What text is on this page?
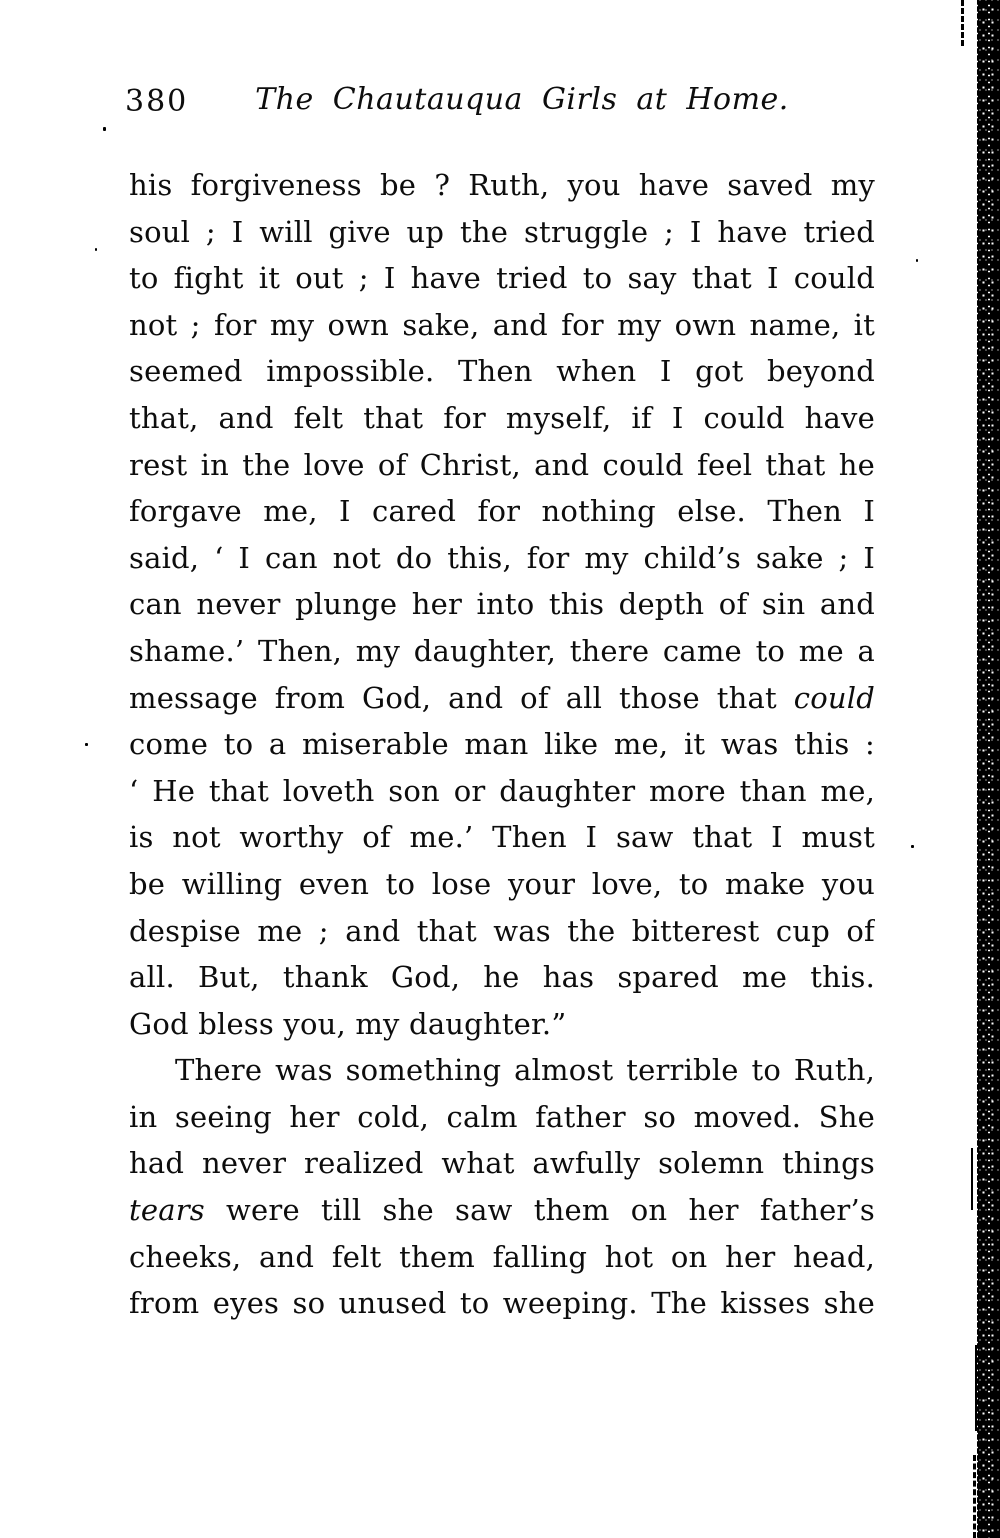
380	The Chautauqua Girls at Home.
his forgiveness be ? Ruth, you have saved my
soul ; I will give up the struggle ; I have tried
to fight it out ; I have tried to say that I could
not ; for my own sake, and for my own name, it
seemed impossible. Then when I got beyond
that, and felt that for myself, if I could have
rest in the love of Christ, and could feel that he
forgave me, I cared for nothing else. Then I
said, ‘ I can not do this, for my child’s sake ; I
can never plunge her into this depth of sin and
shame.’ Then, my daughter, there came to me a
message from God, and of all those that could
come to a miserable man like me, it was this :
‘ He that loveth son or daughter more than me,
is not worthy of me.’ Then I saw that I must
be willing even to lose your love, to make you
despise me ; and that was the bitterest cup of
all. But, thank God, he has spared me this.
God bless you, my daughter.”
There was something almost terrible to Ruth,
in seeing her cold, calm father so moved. She
had never realized what awfully solemn things
tears were till she saw them on her father’s
cheeks, and felt them falling hot on her head,
from eyes so unused to weeping. The kisses she
